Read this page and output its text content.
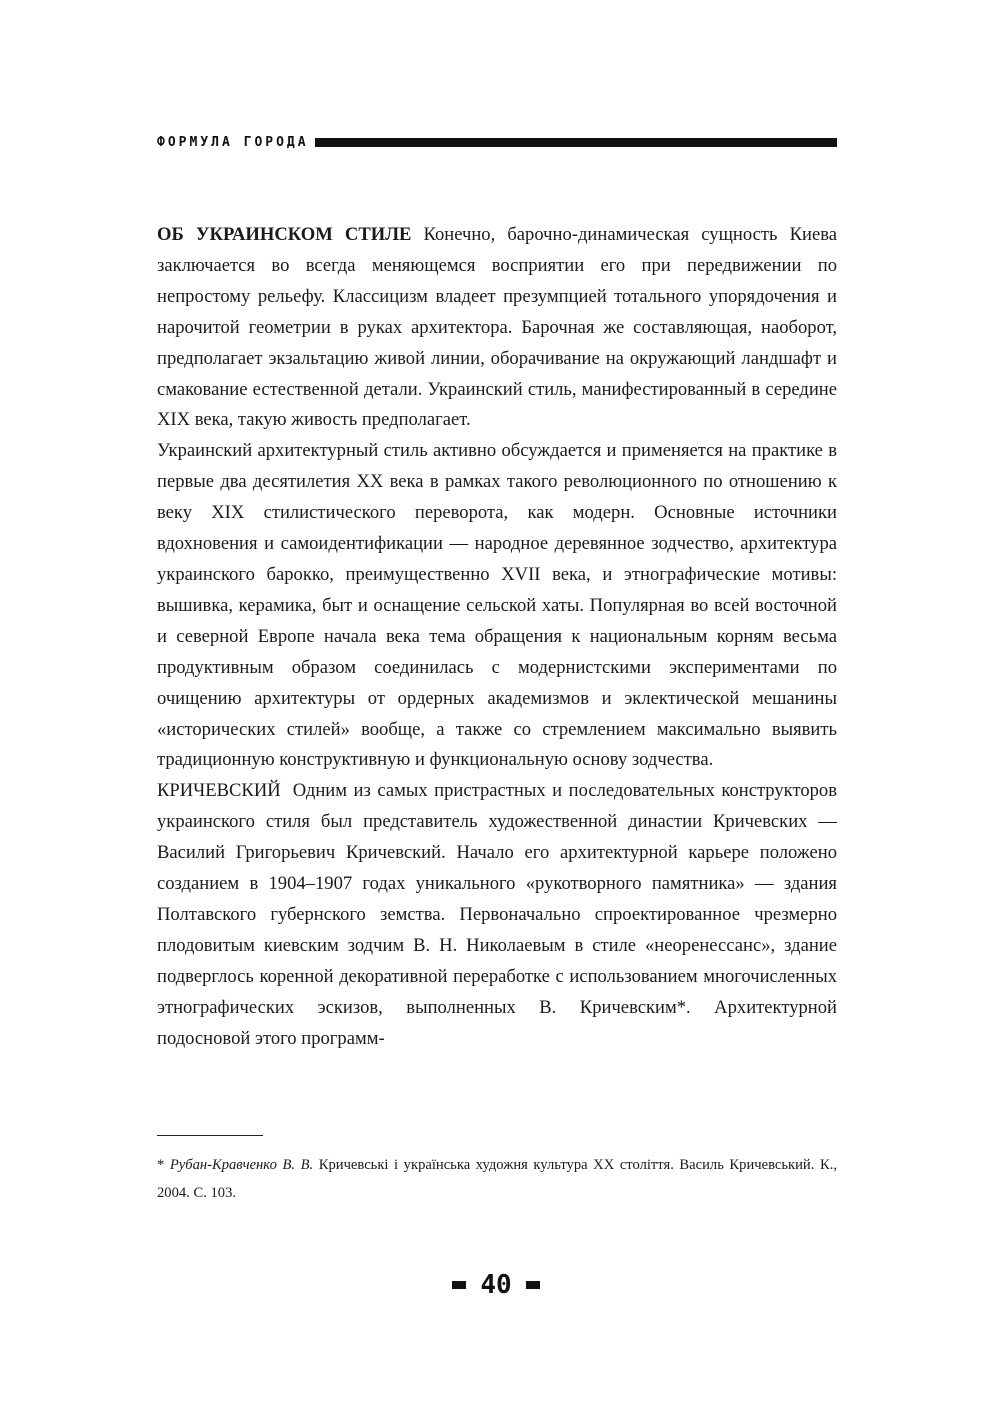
ФОРМУЛА ГОРОДА

ОБ УКРАИНСКОМ СТИЛЕ Конечно, барочно-динамическая сущность Киева заключается во всегда меняющемся восприятии его при передвижении по непростому рельефу. Классицизм владеет презумпцией тотального упорядочения и нарочитой геометрии в руках архитектора. Барочная же составляющая, наоборот, предполагает экзальтацию живой линии, оборачивание на окружающий ландшафт и смакование естественной детали. Украинский стиль, манифестированный в середине XIX века, такую живость предполагает.

Украинский архитектурный стиль активно обсуждается и применяется на практике в первые два десятилетия XX века в рамках такого революционного по отношению к веку XIX стилистического переворота, как модерн. Основные источники вдохновения и самоидентификации — народное деревянное зодчество, архитектура украинского барокко, преимущественно XVII века, и этнографические мотивы: вышивка, керамика, быт и оснащение сельской хаты. Популярная во всей восточной и северной Европе начала века тема обращения к национальным корням весьма продуктивным образом соединилась с модернистскими экспериментами по очищению архитектуры от ордерных академизмов и эклектической мешанины «исторических стилей» вообще, а также со стремлением максимально выявить традиционную конструктивную и функциональную основу зодчества.

КРИЧЕВСКИЙ Одним из самых пристрастных и последовательных конструкторов украинского стиля был представитель художественной династии Кричевских — Василий Григорьевич Кричевский. Начало его архитектурной карьере положено созданием в 1904–1907 годах уникального «рукотворного памятника» — здания Полтавского губернского земства. Первоначально спроектированное чрезмерно плодовитым киевским зодчим В. Н. Николаевым в стиле «неоренессанс», здание подверглось коренной декоративной переработке с использованием многочисленных этнографических эскизов, выполненных В. Кричевским*. Архитектурной подосновой этого программ-

* Рубан-Кравченко В. В. Кричевські і українська художня культура XX століття. Василь Кричевський. К., 2004. С. 103.

40
